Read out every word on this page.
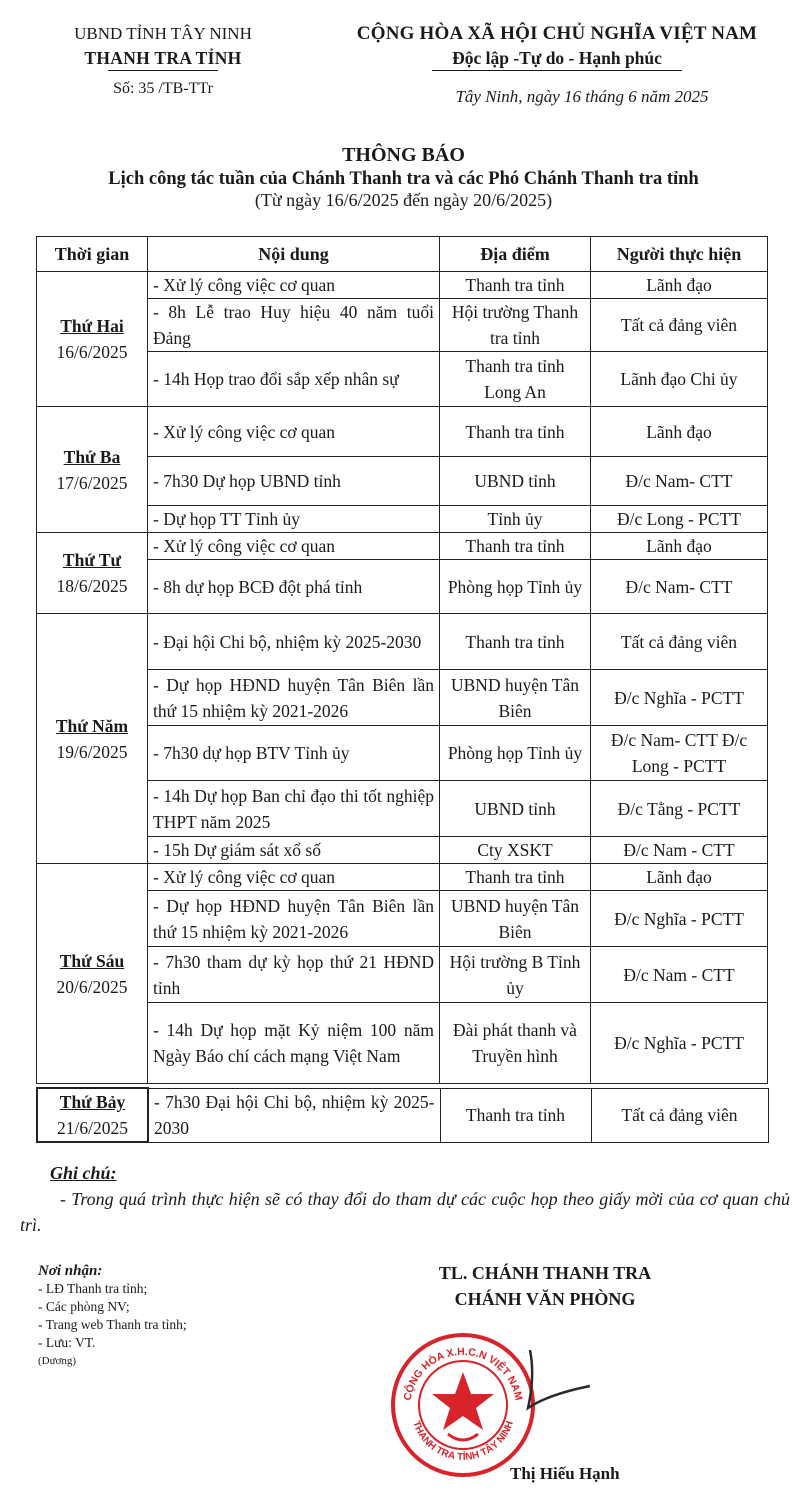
UBND TỈNH TÂY NINH
THANH TRA TỈNH
Số: 35 /TB-TTr
CỘNG HÒA XÃ HỘI CHỦ NGHĨA VIỆT NAM
Độc lập -Tự do - Hạnh phúc
Tây Ninh, ngày 16 tháng 6 năm 2025
THÔNG BÁO
Lịch công tác tuần của Chánh Thanh tra và các Phó Chánh Thanh tra tỉnh
(Từ ngày 16/6/2025 đến ngày 20/6/2025)
Thời gian	Nội dung	Địa điểm	Người thực hiện

Thứ Hai
16/6/2025	- Xử lý công việc cơ quan	Thanh tra tỉnh	Lãnh đạo
	- 8h Lễ trao Huy hiệu 40 năm tuổi Đảng	Hội trường Thanh tra tỉnh	Tất cả đảng viên
	- 14h Họp trao đổi sắp xếp nhân sự	Thanh tra tỉnh Long An	Lãnh đạo Chi ủy

Thứ Ba
17/6/2025	- Xử lý công việc cơ quan	Thanh tra tỉnh	Lãnh đạo
	- 7h30 Dự họp UBND tỉnh	UBND tỉnh	Đ/c Nam- CTT
	- Dự họp TT Tỉnh ủy	Tỉnh ủy	Đ/c Long - PCTT

Thứ Tư
18/6/2025	- Xử lý công việc cơ quan	Thanh tra tỉnh	Lãnh đạo
	- 8h dự họp BCĐ đột phá tỉnh	Phòng họp Tỉnh ủy	Đ/c Nam- CTT

Thứ Năm
19/6/2025	- Đại hội Chi bộ, nhiệm kỳ 2025-2030	Thanh tra tỉnh	Tất cả đảng viên
	- Dự họp HĐND huyện Tân Biên lần thứ 15 nhiệm kỳ 2021-2026	UBND huyện Tân Biên	Đ/c Nghĩa - PCTT
	- 7h30 dự họp BTV Tỉnh ủy	Phòng họp Tỉnh ủy	Đ/c Nam- CTT Đ/c Long - PCTT
	- 14h Dự họp Ban chỉ đạo thi tốt nghiệp THPT năm 2025	UBND tỉnh	Đ/c Tằng - PCTT
	- 15h Dự giám sát xổ số	Cty XSKT	Đ/c Nam - CTT

Thứ Sáu
20/6/2025	- Xử lý công việc cơ quan	Thanh tra tỉnh	Lãnh đạo
	- Dự họp HĐND huyện Tân Biên lần thứ 15 nhiệm kỳ 2021-2026	UBND huyện Tân Biên	Đ/c Nghĩa - PCTT
	- 7h30 tham dự kỳ họp thứ 21 HĐND tỉnh	Hội trường B Tỉnh ủy	Đ/c Nam - CTT
	- 14h Dự họp mặt Kỷ niệm 100 năm Ngày Báo chí cách mạng Việt Nam	Đài phát thanh và Truyền hình	Đ/c Nghĩa - PCTT
Thứ Bảy
21/6/2025
	- 7h30 Đại hội Chi bộ, nhiệm kỳ 2025-2030	Thanh tra tỉnh	Tất cả đảng viên
Ghi chú:
- Trong quá trình thực hiện sẽ có thay đổi do tham dự các cuộc họp theo giấy mời của cơ quan chủ trì.
Nơi nhận:
- LĐ Thanh tra tỉnh;
- Các phòng NV;
- Trang web Thanh tra tỉnh;
- Lưu: VT.
(Dương)
TL. CHÁNH THANH TRA
CHÁNH VĂN PHÒNG
CỘNG HÒA X.H.C.N VIỆT NAM
THANH TRA TỈNH TÂY NINH
Thị Hiếu Hạnh
